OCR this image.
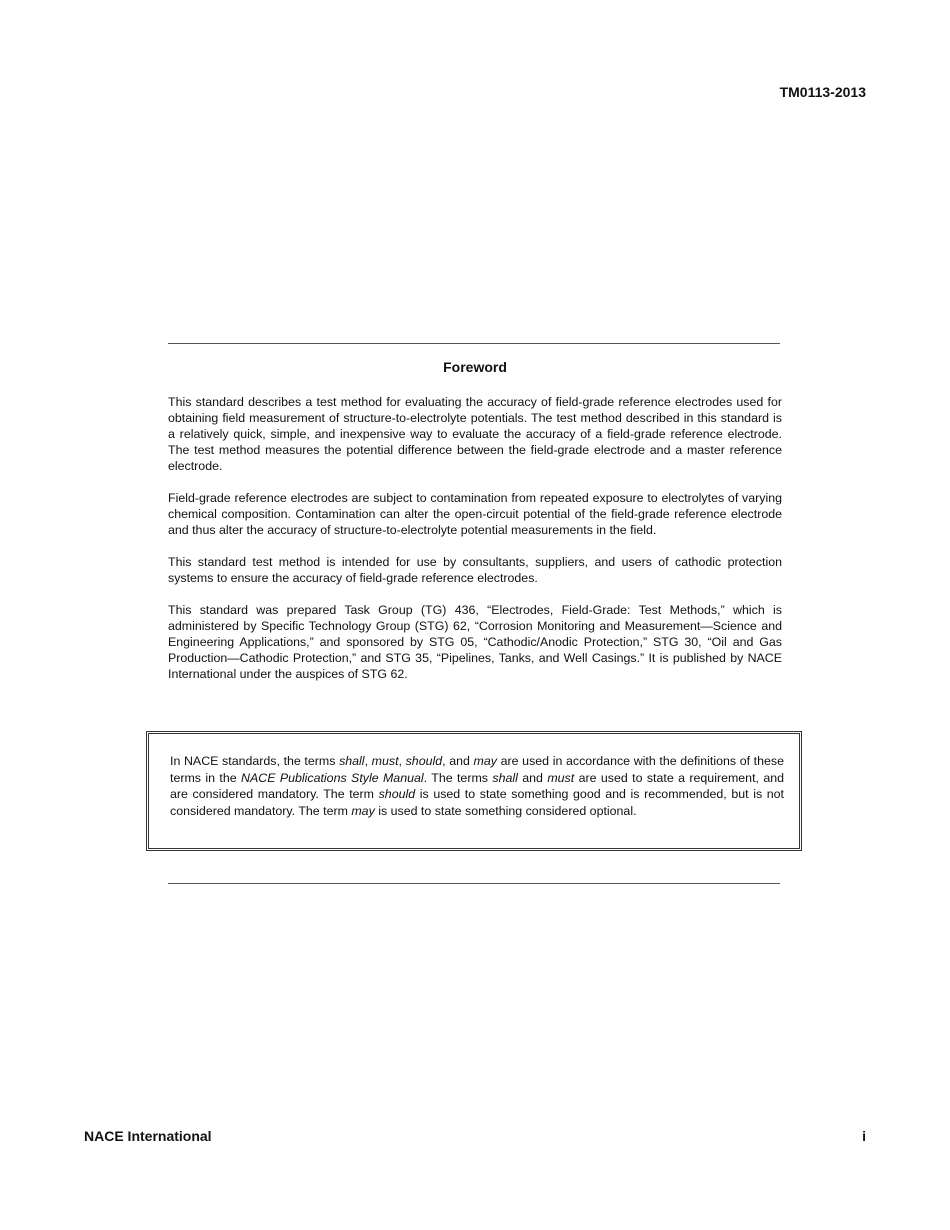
TM0113-2013

Foreword

This standard describes a test method for evaluating the accuracy of field-grade reference electrodes used for obtaining field measurement of structure-to-electrolyte potentials. The test method described in this standard is a relatively quick, simple, and inexpensive way to evaluate the accuracy of a field-grade reference electrode. The test method measures the potential difference between the field-grade electrode and a master reference electrode.

Field-grade reference electrodes are subject to contamination from repeated exposure to electrolytes of varying chemical composition. Contamination can alter the open-circuit potential of the field-grade reference electrode and thus alter the accuracy of structure-to-electrolyte potential measurements in the field.

This standard test method is intended for use by consultants, suppliers, and users of cathodic protection systems to ensure the accuracy of field-grade reference electrodes.

This standard was prepared Task Group (TG) 436, “Electrodes, Field-Grade: Test Methods,” which is administered by Specific Technology Group (STG) 62, “Corrosion Monitoring and Measurement—Science and Engineering Applications,” and sponsored by STG 05, “Cathodic/Anodic Protection,” STG 30, “Oil and Gas Production—Cathodic Protection,” and STG 35, “Pipelines, Tanks, and Well Casings.” It is published by NACE International under the auspices of STG 62.

In NACE standards, the terms shall, must, should, and may are used in accordance with the definitions of these terms in the NACE Publications Style Manual. The terms shall and must are used to state a requirement, and are considered mandatory. The term should is used to state something good and is recommended, but is not considered mandatory. The term may is used to state something considered optional.

NACE International	i
